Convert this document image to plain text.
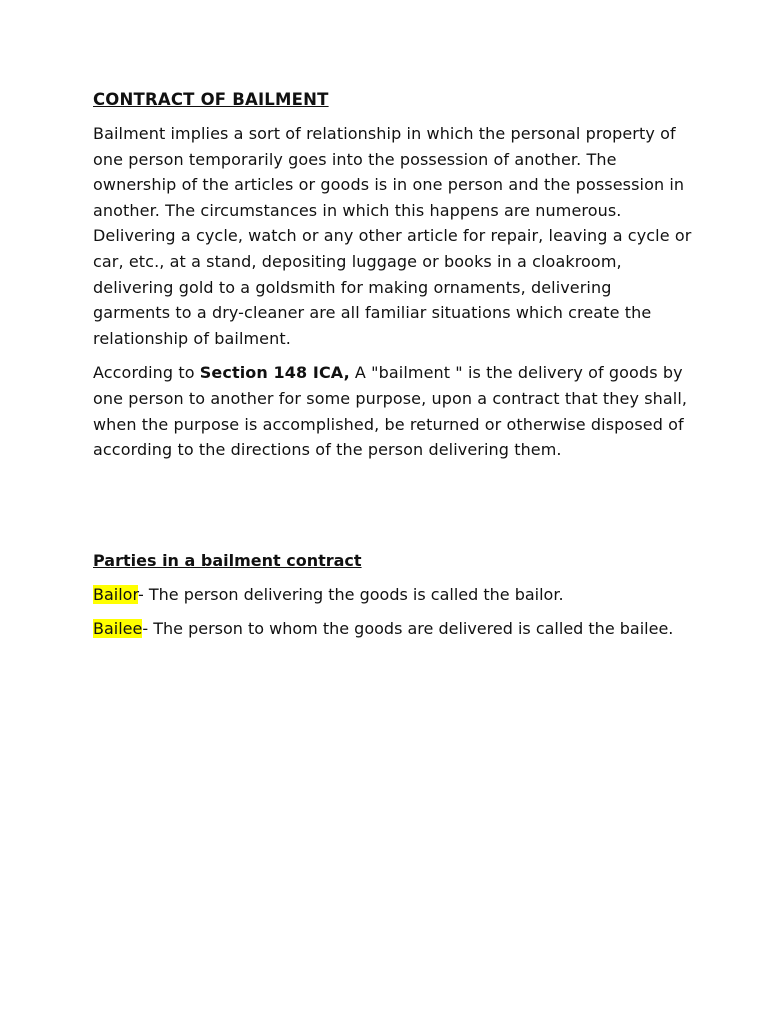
CONTRACT OF BAILMENT

Bailment implies a sort of relationship in which the personal property of one person temporarily goes into the possession of another. The ownership of the articles or goods is in one person and the possession in another. The circumstances in which this happens are numerous. Delivering a cycle, watch or any other article for repair, leaving a cycle or car, etc., at a stand, depositing luggage or books in a cloakroom, delivering gold to a goldsmith for making ornaments, delivering garments to a dry-cleaner are all familiar situations which create the relationship of bailment.

According to Section 148 ICA, A "bailment " is the delivery of goods by one person to another for some purpose, upon a contract that they shall, when the purpose is accomplished, be returned or otherwise disposed of according to the directions of the person delivering them.

Parties in a bailment contract

Bailor- The person delivering the goods is called the bailor.

Bailee- The person to whom the goods are delivered is called the bailee.
